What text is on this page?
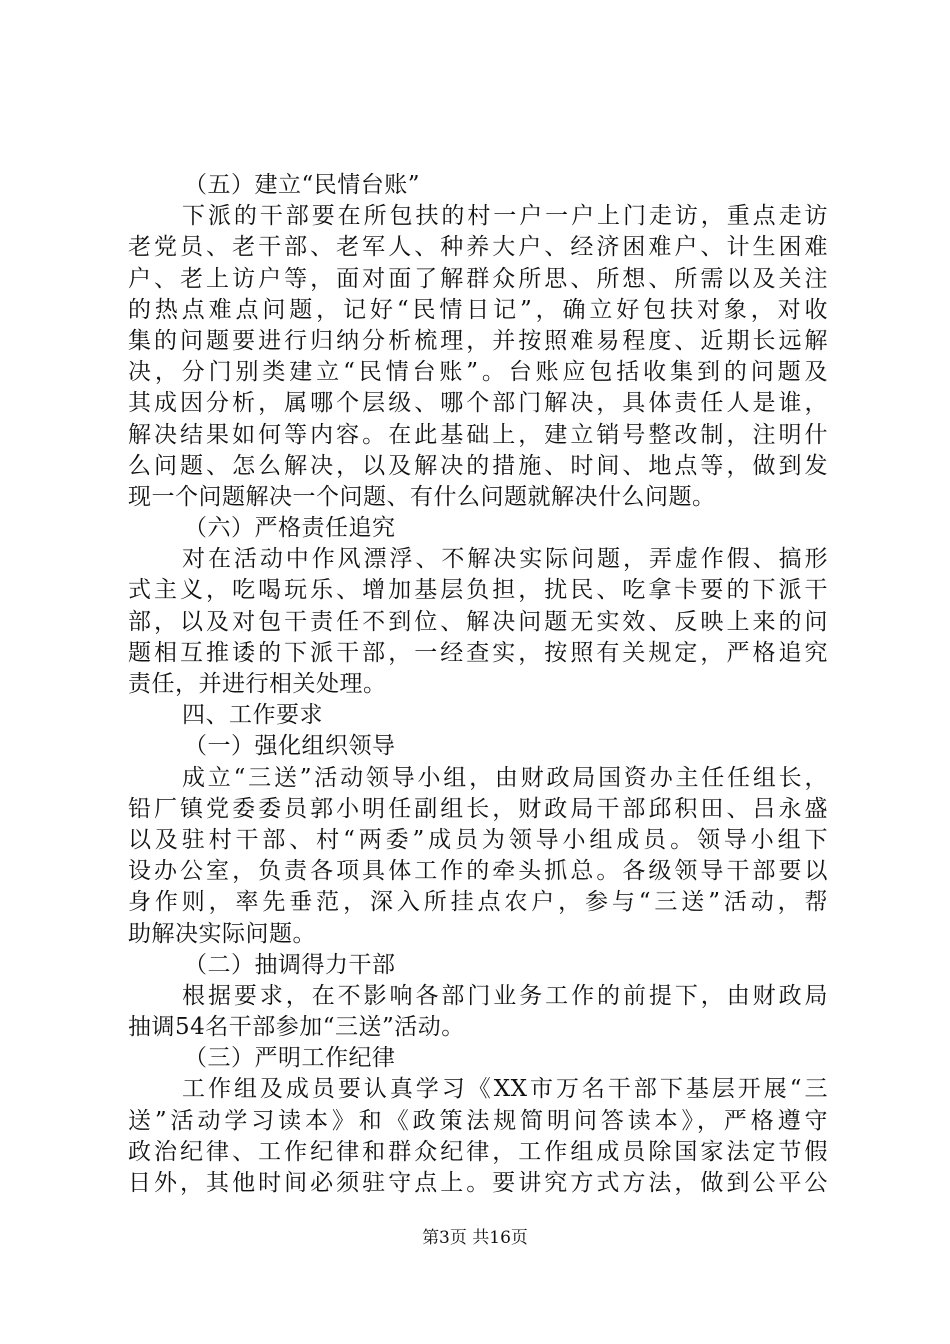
（五）建立“民情台账”
下派的干部要在所包扶的村一户一户上门走访，重点走访
老党员、老干部、老军人、种养大户、经济困难户、计生困难
户、老上访户等，面对面了解群众所思、所想、所需以及关注
的热点难点问题，记好“民情日记”，确立好包扶对象，对收
集的问题要进行归纳分析梳理，并按照难易程度、近期长远解
决，分门别类建立“民情台账”。台账应包括收集到的问题及
其成因分析，属哪个层级、哪个部门解决，具体责任人是谁，
解决结果如何等内容。在此基础上，建立销号整改制，注明什
么问题、怎么解决，以及解决的措施、时间、地点等，做到发
现一个问题解决一个问题、有什么问题就解决什么问题。
（六）严格责任追究
对在活动中作风漂浮、不解决实际问题，弄虚作假、搞形
式主义，吃喝玩乐、增加基层负担，扰民、吃拿卡要的下派干
部，以及对包干责任不到位、解决问题无实效、反映上来的问
题相互推诿的下派干部，一经查实，按照有关规定，严格追究
责任，并进行相关处理。
四、工作要求
（一）强化组织领导
成立“三送”活动领导小组，由财政局国资办主任任组长，
铅厂镇党委委员郭小明任副组长，财政局干部邱积田、吕永盛
以及驻村干部、村“两委”成员为领导小组成员。领导小组下
设办公室，负责各项具体工作的牵头抓总。各级领导干部要以
身作则，率先垂范，深入所挂点农户，参与“三送”活动，帮
助解决实际问题。
（二）抽调得力干部
根据要求，在不影响各部门业务工作的前提下，由财政局
抽调54名干部参加“三送”活动。
（三）严明工作纪律
工作组及成员要认真学习《XX市万名干部下基层开展“三
送”活动学习读本》和《政策法规简明问答读本》，严格遵守
政治纪律、工作纪律和群众纪律，工作组成员除国家法定节假
日外，其他时间必须驻守点上。要讲究方式方法，做到公平公
第3页 共16页
